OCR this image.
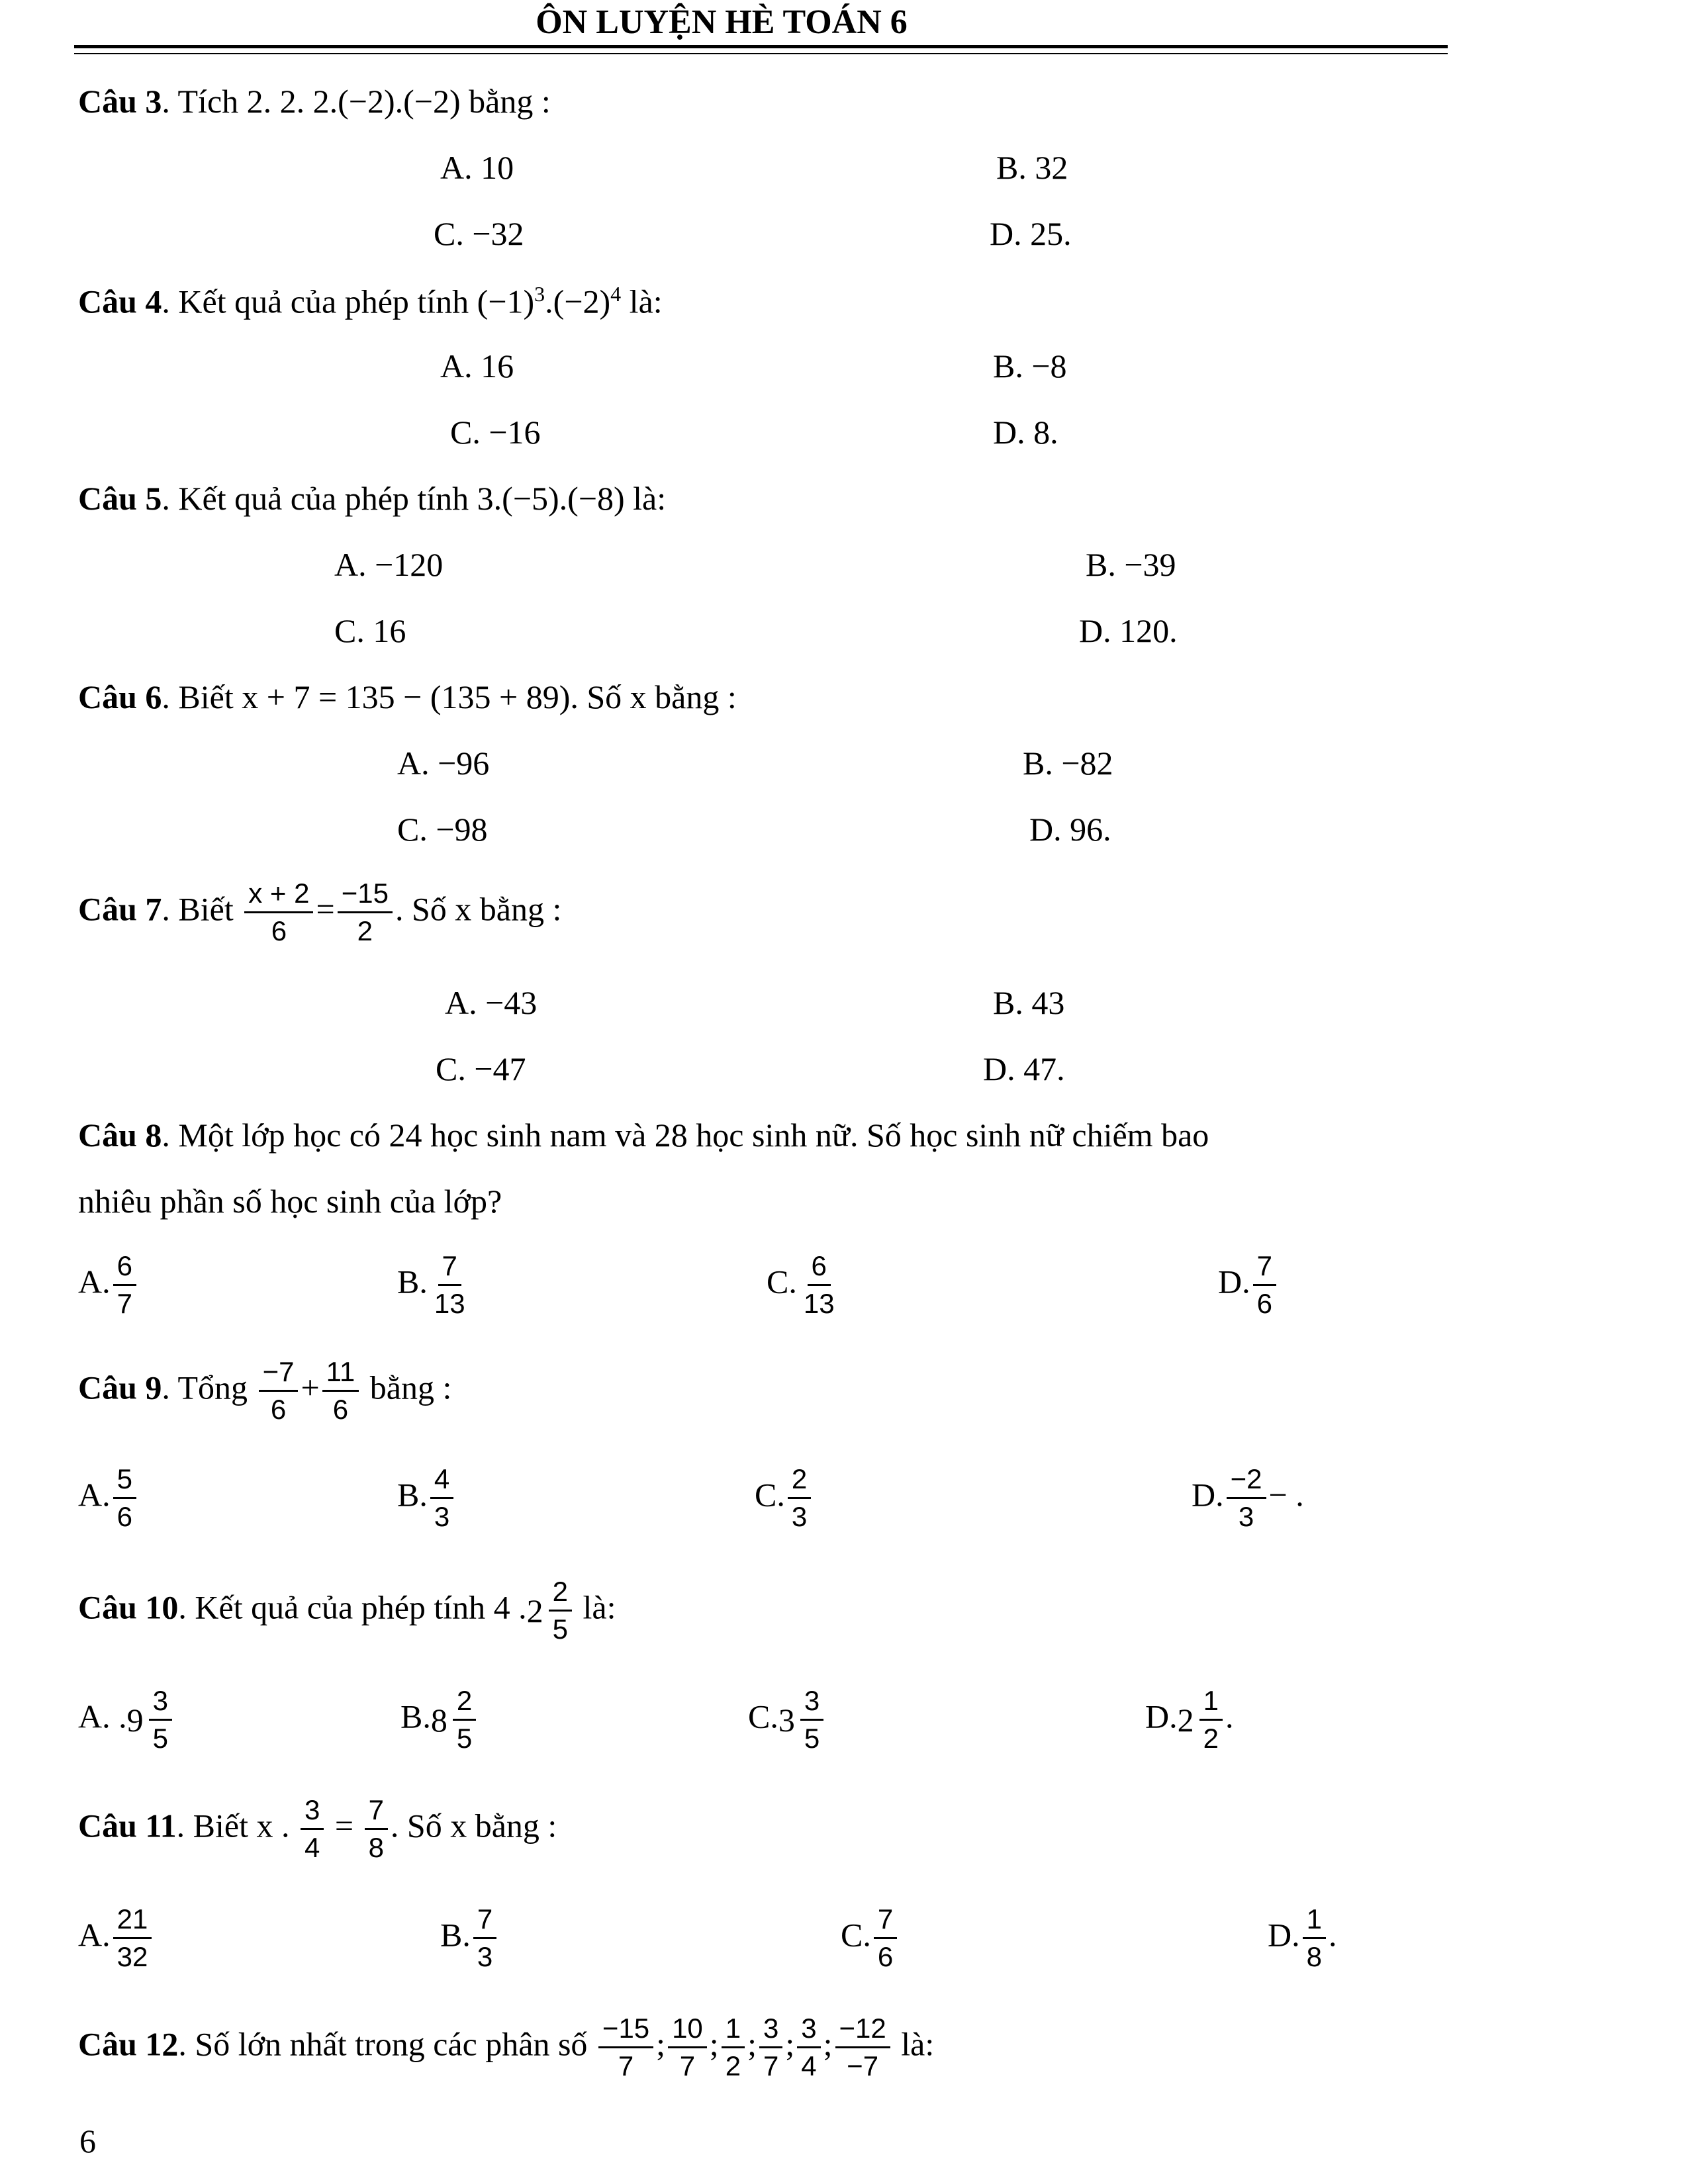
ÔN LUYỆN HÈ TOÁN 6
Câu 3. Tích 2. 2. 2.(−2).(−2) bằng :
A. 10	B. 32
C. −32	D. 25.
Câu 4. Kết quả của phép tính $(-1)^3.(-2)^4$ là:
A. 16	B. −8
C. −16	D. 8.
Câu 5. Kết quả của phép tính 3.(−5).(−8) là:
A. −120	B. −39
C. 16	D. 120.
Câu 6. Biết x + 7 = 135 − (135 + 89). Số x bằng :
A. −96	B. −82
C. −98	D. 96.
Câu 7. Biết $\frac{x + 2}{6} = \frac{-15}{2}$ . Số x bằng :
A. −43	B. 43
C. −47	D. 47.
Câu 8. Một lớp học có 24 học sinh nam và 28 học sinh nữ. Số học sinh nữ chiếm bao
nhiêu phần số học sinh của lớp?
A. $\frac{6}{7}$	B. $\frac{7}{13}$	C. $\frac{6}{13}$	D. $\frac{7}{6}$
Câu 9. Tổng $\frac{-7}{6} + \frac{11}{6}$ bằng :
A. $\frac{5}{6}$	B. $\frac{4}{3}$	C. $\frac{2}{3}$	D. $\frac{-2}{3}$ − .
Câu 10. Kết quả của phép tính 4 . $2 \frac{2}{5}$ là:
A. . $9 \frac{3}{5}$	B. $8 \frac{2}{5}$	C. $3 \frac{3}{5}$	D. $2 \frac{1}{2}$ .
Câu 11. Biết x . $\frac{3}{4} = \frac{7}{8}$ . Số x bằng :
A. $\frac{21}{32}$	B. $\frac{7}{3}$	C. $\frac{7}{6}$	D. $\frac{1}{8}$ .
Câu 12. Số lớn nhất trong các phân số $\frac{-15}{7}$ ; $\frac{10}{7}$ ; $\frac{1}{2}$ ; $\frac{3}{7}$ ; $\frac{3}{4}$ ; $\frac{-12}{-7}$ là:
6
